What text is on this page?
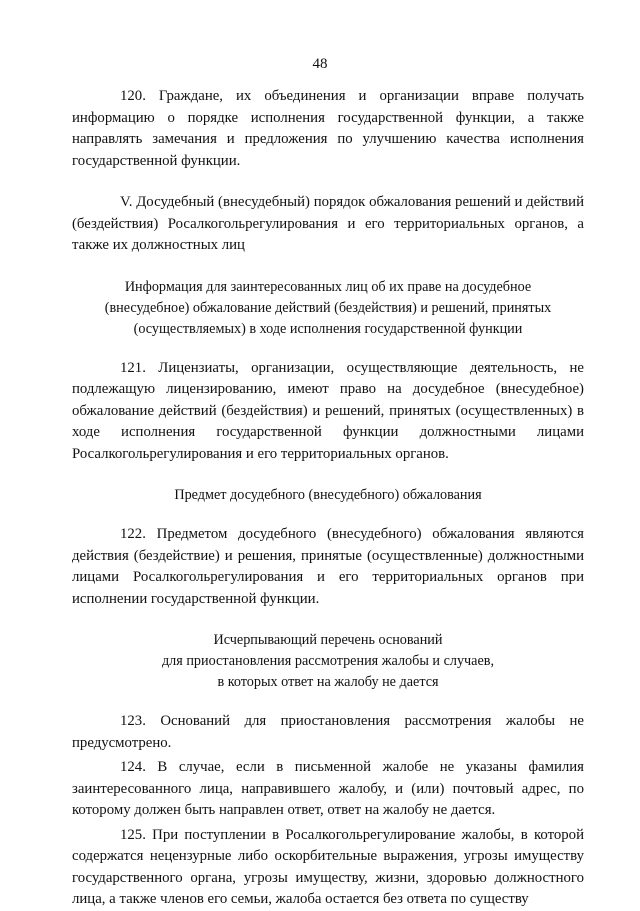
48

120. Граждане, их объединения и организации вправе получать информацию о порядке исполнения государственной функции, а также направлять замечания и предложения по улучшению качества исполнения государственной функции.

V. Досудебный (внесудебный) порядок обжалования решений и действий (бездействия) Росалкогольрегулирования и его территориальных органов, а также их должностных лиц

Информация для заинтересованных лиц об их праве на досудебное
(внесудебное) обжалование действий (бездействия) и решений, принятых
(осуществляемых) в ходе исполнения государственной функции

121. Лицензиаты, организации, осуществляющие деятельность, не подлежащую лицензированию, имеют право на досудебное (внесудебное) обжалование действий (бездействия) и решений, принятых (осуществленных) в ходе исполнения государственной функции должностными лицами Росалкогольрегулирования и его территориальных органов.

Предмет досудебного (внесудебного) обжалования

122. Предметом досудебного (внесудебного) обжалования являются действия (бездействие) и решения, принятые (осуществленные) должностными лицами Росалкогольрегулирования и его территориальных органов при исполнении государственной функции.

Исчерпывающий перечень оснований
для приостановления рассмотрения жалобы и случаев,
в которых ответ на жалобу не дается

123. Оснований для приостановления рассмотрения жалобы не предусмотрено.

124. В случае, если в письменной жалобе не указаны фамилия заинтересованного лица, направившего жалобу, и (или) почтовый адрес, по которому должен быть направлен ответ, ответ на жалобу не дается.

125. При поступлении в Росалкогольрегулирование жалобы, в которой содержатся нецензурные либо оскорбительные выражения, угрозы имуществу государственного органа, угрозы имуществу, жизни, здоровью должностного лица, а также членов его семьи, жалоба остается без ответа по существу
